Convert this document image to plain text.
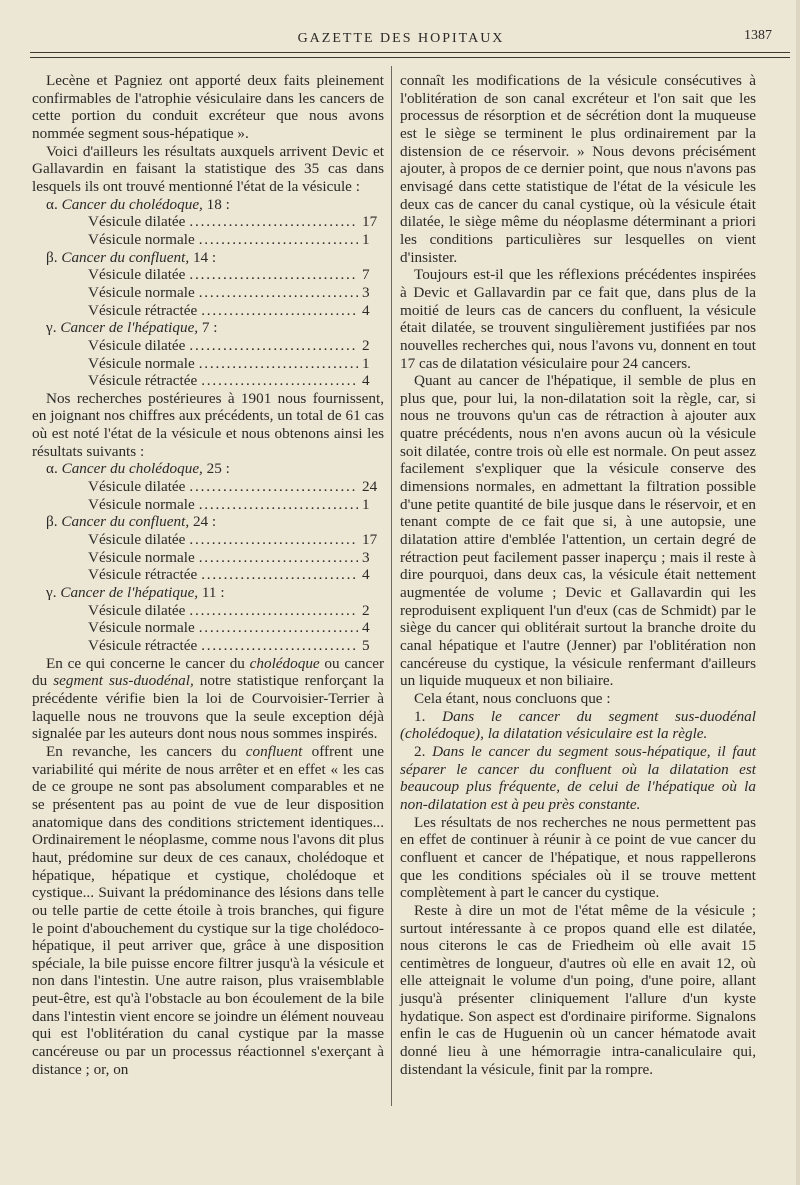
GAZETTE DES HOPITAUX	1387

Lecène et Pagniez ont apporté deux faits pleinement confirmables de l'atrophie vésiculaire dans les cancers de cette portion du conduit excréteur que nous avons nommée segment sous-hépatique ».

Voici d'ailleurs les résultats auxquels arrivent Devic et Gallavardin en faisant la statistique des 35 cas dans lesquels ils ont trouvé mentionné l'état de la vésicule :

α. Cancer du cholédoque, 18 :
Vésicule dilatée . . .	17
Vésicule normale . . .	1
β. Cancer du confluent, 14 :
Vésicule dilatée . . .	7
Vésicule normale . . .	3
Vésicule rétractée . . .	4
γ. Cancer de l'hépatique, 7 :
Vésicule dilatée . . .	2
Vésicule normale . . .	1
Vésicule rétractée . . .	4

Nos recherches postérieures à 1901 nous fournissent, en joignant nos chiffres aux précédents, un total de 61 cas où est noté l'état de la vésicule et nous obtenons ainsi les résultats suivants :

α. Cancer du cholédoque, 25 :
Vésicule dilatée . . .	24
Vésicule normale . . .	1
β. Cancer du confluent, 24 :
Vésicule dilatée . . .	17
Vésicule normale . . .	3
Vésicule rétractée . . .	4
γ. Cancer de l'hépatique, 11 :
Vésicule dilatée . . .	2
Vésicule normale . . .	4
Vésicule rétractée . . .	5

En ce qui concerne le cancer du cholédoque ou cancer du segment sus-duodénal, notre statistique renforçant la précédente vérifie bien la loi de Courvoisier-Terrier à laquelle nous ne trouvons que la seule exception déjà signalée par les auteurs dont nous nous sommes inspirés.

En revanche, les cancers du confluent offrent une variabilité qui mérite de nous arrêter et en effet « les cas de ce groupe ne sont pas absolument comparables et ne se présentent pas au point de vue de leur disposition anatomique dans des conditions strictement identiques... Ordinairement le néoplasme, comme nous l'avons dit plus haut, prédomine sur deux de ces canaux, cholédoque et hépatique, hépatique et cystique, cholédoque et cystique... Suivant la prédominance des lésions dans telle ou telle partie de cette étoile à trois branches, qui figure le point d'abouchement du cystique sur la tige cholédoco-hépatique, il peut arriver que, grâce à une disposition spéciale, la bile puisse encore filtrer jusqu'à la vésicule et non dans l'intestin. Une autre raison, plus vraisemblable peut-être, est qu'à l'obstacle au bon écoulement de la bile dans l'intestin vient encore se joindre un élément nouveau qui est l'oblitération du canal cystique par la masse cancéreuse ou par un processus réactionnel s'exerçant à distance ; or, on

connaît les modifications de la vésicule consécutives à l'oblitération de son canal excréteur et l'on sait que les processus de résorption et de sécrétion dont la muqueuse est le siège se terminent le plus ordinairement par la distension de ce réservoir. » Nous devons précisément ajouter, à propos de ce dernier point, que nous n'avons pas envisagé dans cette statistique de l'état de la vésicule les deux cas de cancer du canal cystique, où la vésicule était dilatée, le siège même du néoplasme déterminant a priori les conditions particulières sur lesquelles on vient d'insister.

Toujours est-il que les réflexions précédentes inspirées à Devic et Gallavardin par ce fait que, dans plus de la moitié de leurs cas de cancers du confluent, la vésicule était dilatée, se trouvent singulièrement justifiées par nos nouvelles recherches qui, nous l'avons vu, donnent en tout 17 cas de dilatation vésiculaire pour 24 cancers.

Quant au cancer de l'hépatique, il semble de plus en plus que, pour lui, la non-dilatation soit la règle, car, si nous ne trouvons qu'un cas de rétraction à ajouter aux quatre précédents, nous n'en avons aucun où la vésicule soit dilatée, contre trois où elle est normale. On peut assez facilement s'expliquer que la vésicule conserve des dimensions normales, en admettant la filtration possible d'une petite quantité de bile jusque dans le réservoir, et en tenant compte de ce fait que si, à une autopsie, une dilatation attire d'emblée l'attention, un certain degré de rétraction peut facilement passer inaperçu ; mais il reste à dire pourquoi, dans deux cas, la vésicule était nettement augmentée de volume ; Devic et Gallavardin qui les reproduisent expliquent l'un d'eux (cas de Schmidt) par le siège du cancer qui oblitérait surtout la branche droite du canal hépatique et l'autre (Jenner) par l'oblitération non cancéreuse du cystique, la vésicule renfermant d'ailleurs un liquide muqueux et non biliaire.

Cela étant, nous concluons que :

1. Dans le cancer du segment sus-duodénal (cholédoque), la dilatation vésiculaire est la règle.

2. Dans le cancer du segment sous-hépatique, il faut séparer le cancer du confluent où la dilatation est beaucoup plus fréquente, de celui de l'hépatique où la non-dilatation est à peu près constante.

Les résultats de nos recherches ne nous permettent pas en effet de continuer à réunir à ce point de vue cancer du confluent et cancer de l'hépatique, et nous rappellerons que les conditions spéciales où il se trouve mettent complètement à part le cancer du cystique.

Reste à dire un mot de l'état même de la vésicule ; surtout intéressante à ce propos quand elle est dilatée, nous citerons le cas de Friedheim où elle avait 15 centimètres de longueur, d'autres où elle en avait 12, où elle atteignait le volume d'un poing, d'une poire, allant jusqu'à présenter cliniquement l'allure d'un kyste hydatique. Son aspect est d'ordinaire piriforme. Signalons enfin le cas de Huguenin où un cancer hématode avait donné lieu à une hémorragie intra-canaliculaire qui, distendant la vésicule, finit par la rompre.
